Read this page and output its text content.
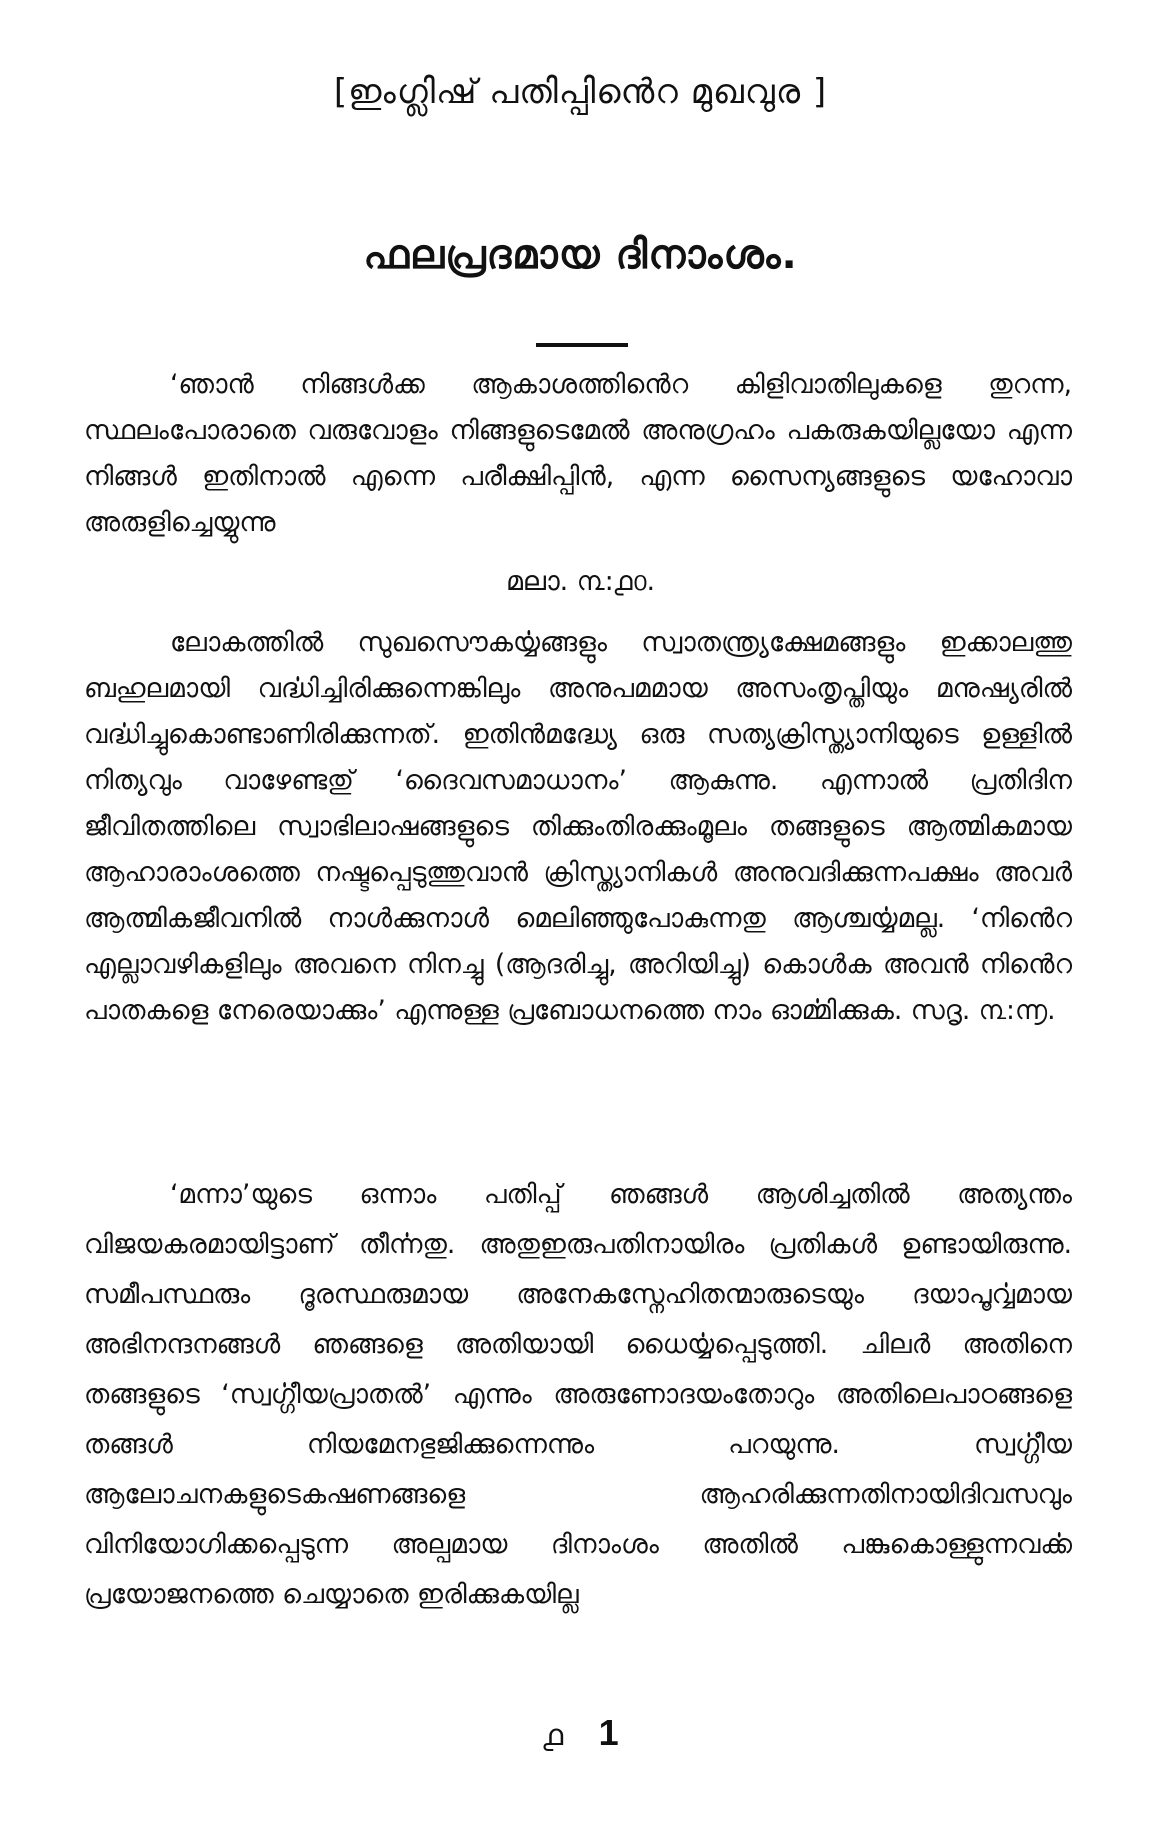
[ഇംഗ്ലിഷ് പതിപ്പിൻെറ മുഖവുര ]
ഫലപ്രദമായ ദിനാംശം.
‘ഞാൻ നിങ്ങൾക്ക ആകാശത്തിൻെറ കിളിവാതിലുകളെ തുറന്ന, സ്ഥലംപോരാതെ വരുവോളം നിങ്ങളുടെമേൽ അനുഗ്രഹം പകരുകയില്ലയോ എന്ന നിങ്ങൾ ഇതിനാൽ എന്നെ പരീക്ഷിപ്പിൻ, എന്ന സൈന്യങ്ങളുടെ യഹോവാ അരുളിച്ചെയ്യുന്നു
മലാ. ൩:൧൦.
ലോകത്തിൽ സുഖസൌകൎയ്യങ്ങളും സ്വാതന്ത്ര്യക്ഷേമങ്ങളും ഇക്കാലത്തു ബഹുലമായി വൎദ്ധിച്ചിരിക്കുന്നെങ്കിലും അനുപമമായ അസംതൃപ്തിയും മനുഷ്യരിൽ വൎദ്ധിച്ചുകൊണ്ടാണിരിക്കുന്നത്. ഇതിൻമദ്ധ്യേ ഒരു സത്യക്രിസ്ത്യാനിയുടെ ഉള്ളിൽ നിത്യവും വാഴേണ്ടതു് ‘ദൈവസമാധാനം’ ആകുന്നു. എന്നാൽ പ്രതിദിന ജീവിതത്തിലെ സ്വാഭിലാഷങ്ങളുടെ തിക്കുംതിരക്കുംമൂലം തങ്ങളുടെ ആത്മികമായ ആഹാരാംശത്തെ നഷ്ടപ്പെടുത്തുവാൻ ക്രിസ്ത്യാനികൾ അനുവദിക്കുന്നപക്ഷം അവർ ആത്മികജീവനിൽ നാൾക്കുനാൾ മെലിഞ്ഞുപോകുന്നതു ആശ്ചൎയ്യമല്ല. ‘നിൻെറ എല്ലാവഴികളിലും അവനെ നിനച്ചു (ആദരിച്ചു, അറിയിച്ചു) കൊൾക അവൻ നിൻെറ പാതകളെ നേരെയാക്കും’ എന്നുള്ള പ്രബോധനത്തെ നാം ഓൎമ്മിക്കുക. സദൃ. ൩:൬.
‘മന്നാ’യുടെ ഒന്നാം പതിപ്പ് ഞങ്ങൾ ആശിച്ചതിൽ അത്യന്തം വിജയകരമായിട്ടാണ് തീൎന്നതു. അതുഇരുപതിനായിരം പ്രതികൾ ഉണ്ടായിരുന്നു. സമീപസ്ഥരും ദൂരസ്ഥരുമായ അനേകസ്നേഹിതന്മാരുടെയും ദയാപൂൎവ്വമായ അഭിനന്ദനങ്ങൾ ഞങ്ങളെ അതിയായി ധൈൎയ്യപ്പെടുത്തി. ചിലർ അതിനെ തങ്ങളുടെ ‘സ്വൎഗ്ഗീയപ്രാതൽ’ എന്നും അരുണോദയംതോറും അതിലെപാഠങ്ങളെ തങ്ങൾ നിയമേനഭുജിക്കുന്നെന്നും പറയുന്നു. സ്വൎഗ്ഗീയ ആലോചനകളുടെകഷണങ്ങളെ ആഹരിക്കുന്നതിനായിദിവസവും വിനിയോഗിക്കപ്പെടുന്ന അല്പമായ ദിനാംശം അതിൽ പങ്കുകൊള്ളുന്നവൎക്ക പ്രയോജനത്തെ ചെയ്യാതെ ഇരിക്കുകയില്ല
൧ 1
